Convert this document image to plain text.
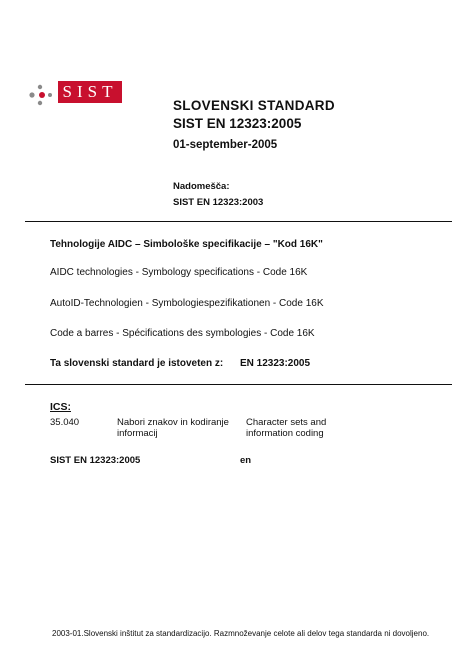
SIST
SLOVENSKI STANDARD
SIST EN 12323:2005
01-september-2005
Nadomešča:
SIST EN 12323:2003
Tehnologije AIDC – Simbološke specifikacije – "Kod 16K"
AIDC technologies - Symbology specifications - Code 16K
AutoID-Technologien - Symbologiespezifikationen - Code 16K
Code a barres - Spécifications des symbologies - Code 16K
Ta slovenski standard je istoveten z: EN 12323:2005
ICS:
35.040	Nabori znakov in kodiranje informacij
Character sets and information coding
SIST EN 12323:2005	en
2003-01.Slovenski inštitut za standardizacijo. Razmnoževanje celote ali delov tega standarda ni dovoljeno.
